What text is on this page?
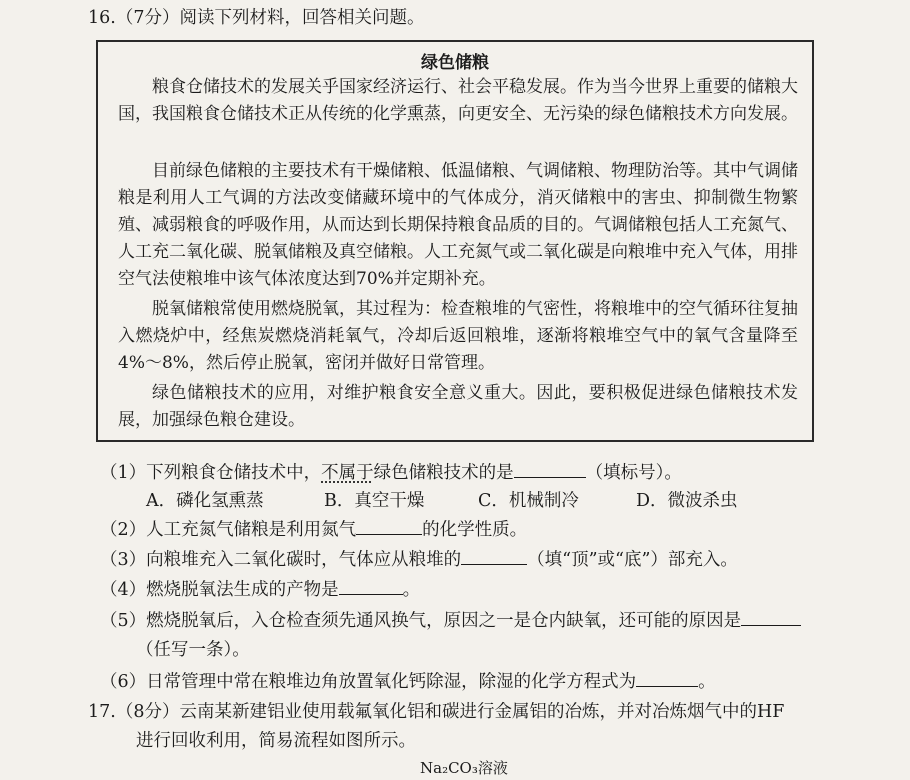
16.（7分）阅读下列材料，回答相关问题。
绿色储粮
粮食仓储技术的发展关乎国家经济运行、社会平稳发展。作为当今世界上重要的储粮大国，我国粮食仓储技术正从传统的化学熏蒸，向更安全、无污染的绿色储粮技术方向发展。
目前绿色储粮的主要技术有干燥储粮、低温储粮、气调储粮、物理防治等。其中气调储粮是利用人工气调的方法改变储藏环境中的气体成分，消灭储粮中的害虫、抑制微生物繁殖、减弱粮食的呼吸作用，从而达到长期保持粮食品质的目的。气调储粮包括人工充氮气、人工充二氧化碳、脱氧储粮及真空储粮。人工充氮气或二氧化碳是向粮堆中充入气体，用排空气法使粮堆中该气体浓度达到70%并定期补充。
脱氧储粮常使用燃烧脱氧，其过程为：检查粮堆的气密性，将粮堆中的空气循环往复抽入燃烧炉中，经焦炭燃烧消耗氧气，冷却后返回粮堆，逐渐将粮堆空气中的氧气含量降至4%～8%，然后停止脱氧，密闭并做好日常管理。
绿色储粮技术的应用，对维护粮食安全意义重大。因此，要积极促进绿色储粮技术发展，加强绿色粮仓建设。
（1）下列粮食仓储技术中，不属于绿色储粮技术的是	（填标号）。
A．磷化氢熏蒸	B．真空干燥	C．机械制冷	D．微波杀虫
（2）人工充氮气储粮是利用氮气	的化学性质。
（3）向粮堆充入二氧化碳时，气体应从粮堆的	（填“顶”或“底”）部充入。
（4）燃烧脱氧法生成的产物是	。
（5）燃烧脱氧后，入仓检查须先通风换气，原因之一是仓内缺氧，还可能的原因是
（任写一条）。
（6）日常管理中常在粮堆边角放置氧化钙除湿，除湿的化学方程式为	。
17.（8分）云南某新建铝业使用载氟氧化铝和碳进行金属铝的冶炼，并对冶炼烟气中的HF
进行回收利用，简易流程如图所示。
Na₂CO₃溶液
